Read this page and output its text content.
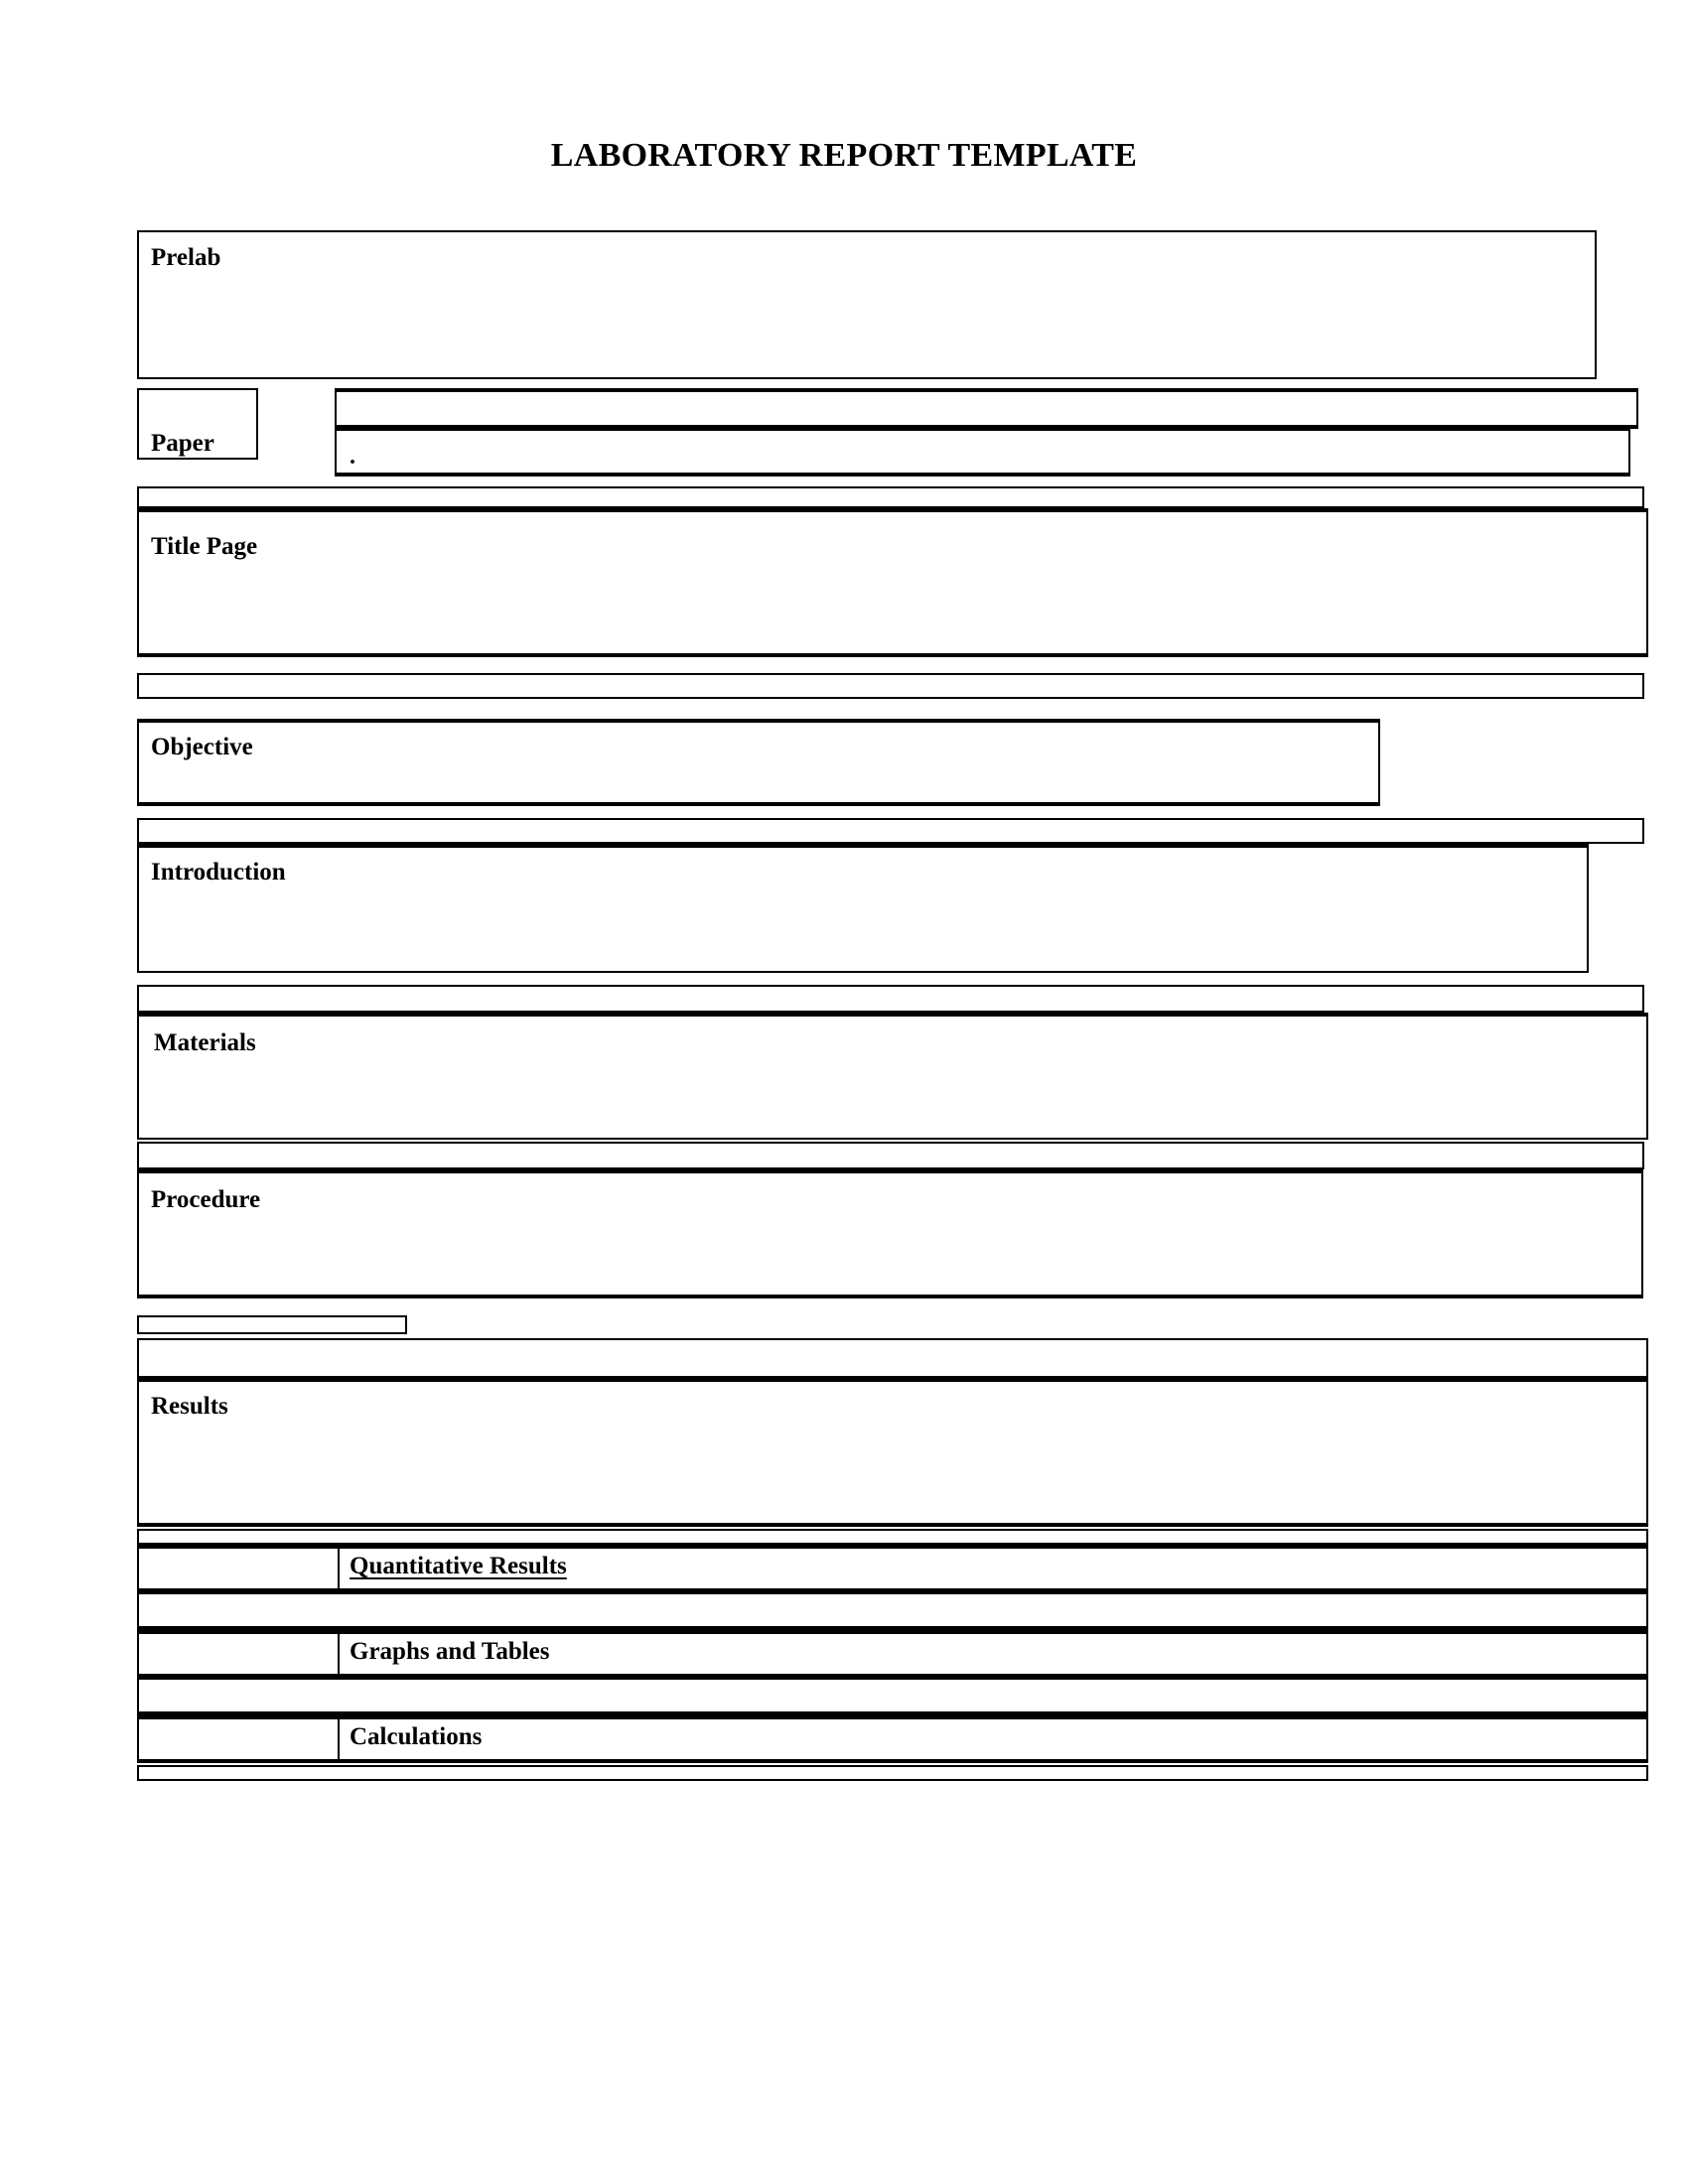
LABORATORY REPORT TEMPLATE
Prelab
Paper	.
Title Page
Objective
Introduction
Materials
Procedure
Results
Quantitative Results
Graphs and Tables
Calculations
